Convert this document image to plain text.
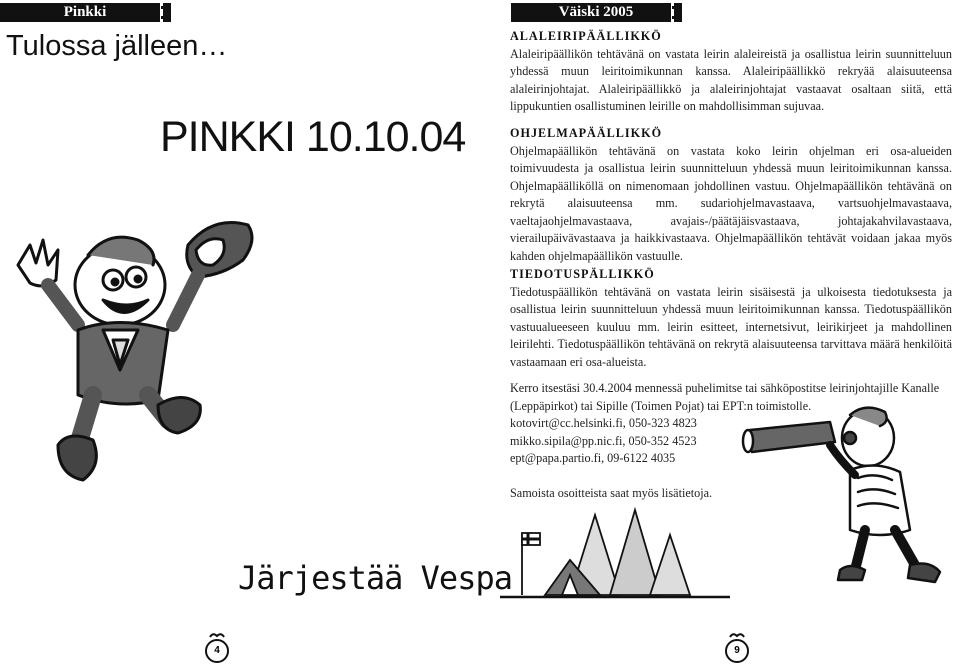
Pinkki	Väiski 2005
Tulossa jälleen…
PINKKI 10.10.04
Järjestää Vespa
4
ALALEIRIPÄÄLLIKKÖ

Alaleiripäällikön tehtävänä on vastata leirin alaleireistä ja osallistua leirin suunnitteluun yhdessä muun leiritoimikunnan kanssa. Alaleiripäällikkö rekryää alaisuuteensa alaleirinjohtajat. Alaleiripäällikkö ja alaleirinjohtajat vastaavat osaltaan siitä, että lippukuntien osallistuminen leirille on mahdollisimman sujuvaa.

OHJELMAPÄÄLLIKKÖ

Ohjelmapäällikön tehtävänä on vastata koko leirin ohjelman eri osa-alueiden toimivuudesta ja osallistua leirin suunnitteluun yhdessä muun leiritoimikunnan kanssa. Ohjelmapäälliköllä on nimenomaan johdollinen vastuu. Ohjelmapäällikön tehtävänä on rekrytä alaisuuteensa mm. sudariohjelmavastaava, vartsuohjelmavastaava, vaeltajaohjelmavastaava, avajais-/päätäjäisvastaava, johtajakahvilavastaava, vierailupäivävastaava ja haikkivastaava. Ohjelmapäällikön tehtävät voidaan jakaa myös kahden ohjelmapäällikön vastuulle.

TIEDOTUSPÄLLIKKÖ

Tiedotuspäällikön tehtävänä on vastata leirin sisäisestä ja ulkoisesta tiedotuksesta ja osallistua leirin suunnitteluun yhdessä muun leiritoimikunnan kanssa. Tiedotuspäällikön vastuualueeseen kuuluu mm. leirin esitteet, internetsivut, leirikirjeet ja mahdollinen leirilehti. Tiedotuspäällikön tehtävänä on rekrytä alaisuuteensa tarvittava määrä henkilöitä vastaamaan eri osa-alueista.

Kerro itsestäsi 30.4.2004 mennessä puhelimitse tai sähköpostitse leirinjohtajille Kanalle (Leppäpirkot) tai Sipille (Toimen Pojat) tai EPT:n toimistolle.

kotovirt@cc.helsinki.fi, 050-323 4823

mikko.sipila@pp.nic.fi, 050-352 4523

ept@papa.partio.fi, 09-6122 4035

Samoista osoitteista saat myös lisätietoja.

9
